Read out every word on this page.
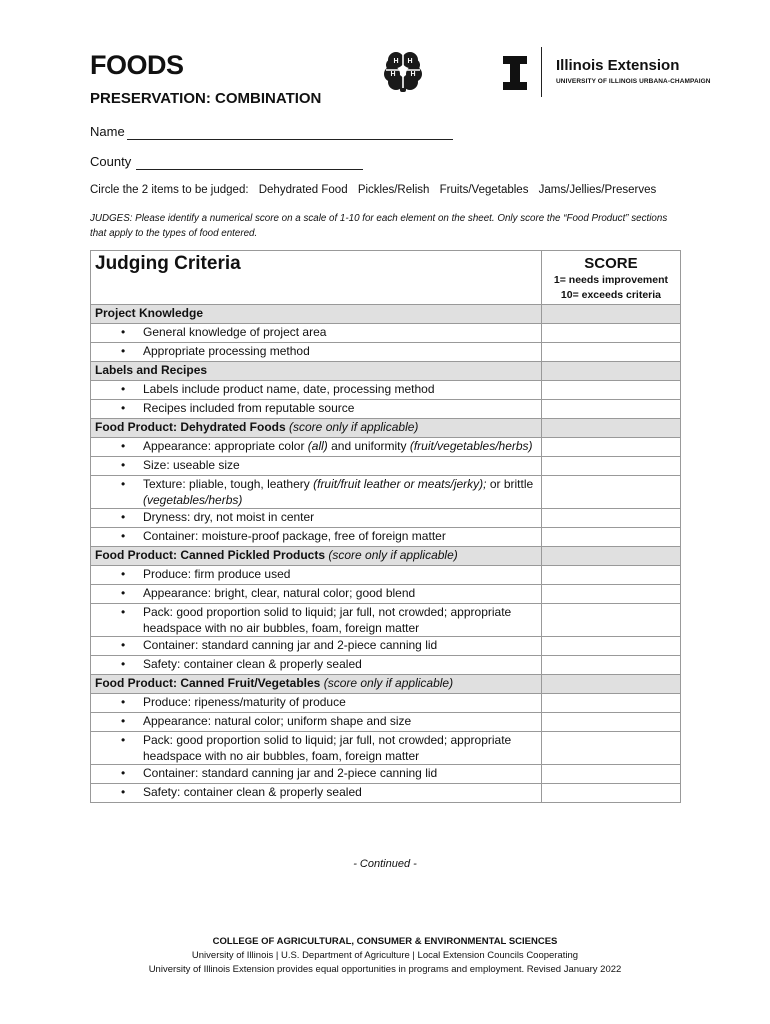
FOODS
PRESERVATION: COMBINATION
H H
H H
Illinois Extension
UNIVERSITY OF ILLINOIS URBANA-CHAMPAIGN
Name
County
Circle the 2 items to be judged: Dehydrated Food Pickles/Relish Fruits/Vegetables Jams/Jellies/Preserves
JUDGES: Please identify a numerical score on a scale of 1-10 for each element on the sheet. Only score the “Food Product” sections that apply to the types of food entered.
Judging Criteria	SCORE
1= needs improvement
10= exceeds criteria

Project Knowledge	

• General knowledge of project area	

• Appropriate processing method	

Labels and Recipes	

• Labels include product name, date, processing method	

• Recipes included from reputable source	

Food Product: Dehydrated Foods (score only if applicable)	

• Appearance: appropriate color (all) and uniformity (fruit/vegetables/herbs)	

• Size: useable size	

• Texture: pliable, tough, leathery (fruit/fruit leather or meats/jerky); or brittle (vegetables/herbs)	

• Dryness: dry, not moist in center	

• Container: moisture-proof package, free of foreign matter	

Food Product: Canned Pickled Products (score only if applicable)	

• Produce: firm produce used	

• Appearance: bright, clear, natural color; good blend	

• Pack: good proportion solid to liquid; jar full, not crowded; appropriate headspace with no air bubbles, foam, foreign matter	

• Container: standard canning jar and 2-piece canning lid	

• Safety: container clean & properly sealed	

Food Product: Canned Fruit/Vegetables (score only if applicable)	

• Produce: ripeness/maturity of produce	

• Appearance: natural color; uniform shape and size	

• Pack: good proportion solid to liquid; jar full, not crowded; appropriate headspace with no air bubbles, foam, foreign matter	

• Container: standard canning jar and 2-piece canning lid	

• Safety: container clean & properly sealed	

- Continued -
COLLEGE OF AGRICULTURAL, CONSUMER & ENVIRONMENTAL SCIENCES
University of Illinois | U.S. Department of Agriculture | Local Extension Councils Cooperating
University of Illinois Extension provides equal opportunities in programs and employment. Revised January 2022
